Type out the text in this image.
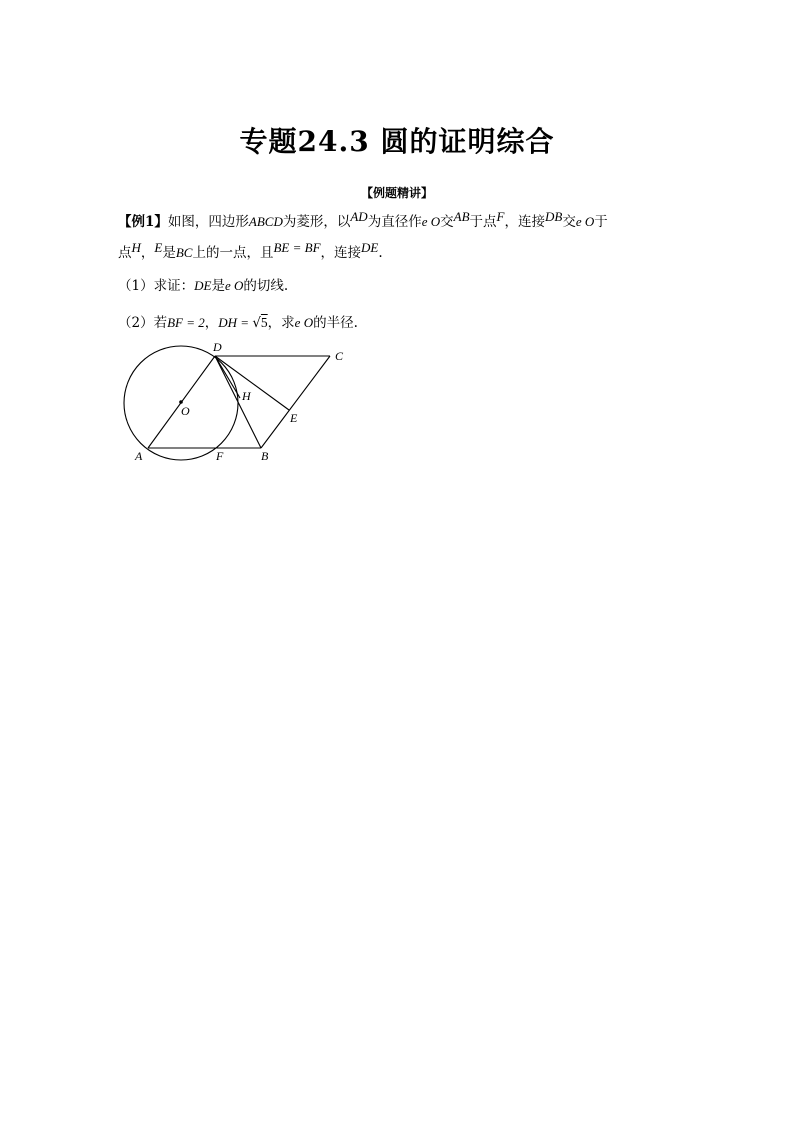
专题24.3 圆的证明综合
【例题精讲】
【例1】如图，四边形ABCD为菱形，以AD为直径作e O交AB于点F，连接DB交e O于
点H，E是BC上的一点，且BE = BF，连接DE.
（1）求证：DE是e O的切线.
（2）若BF = 2，DH = √5，求e O的半径.
D
C
H
O	E
A	F	B
